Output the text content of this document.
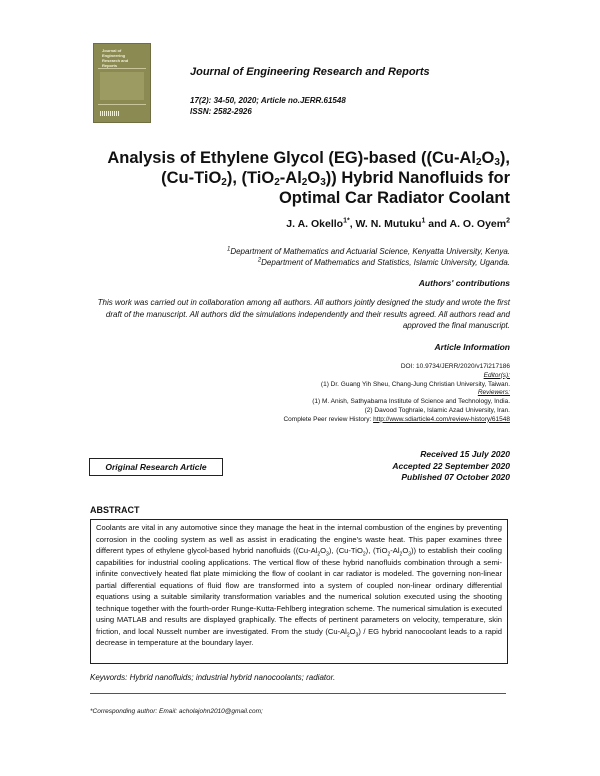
Journal of Engineering Research and Reports
Journal of Engineering Research and Reports
17(2): 34-50, 2020; Article no.JERR.61548
ISSN: 2582-2926
Analysis of Ethylene Glycol (EG)-based ($(Cu-Al_2O_3)$,
(Cu-TiO$_2$), $(TiO_2-Al_2O_3)$) Hybrid Nanofluids for
Optimal Car Radiator Coolant
J. A. Okello$^{1*}$, W. N. Mutuku$^1$ and A. O. Oyem$^2$
$^1$Department of Mathematics and Actuarial Science, Kenyatta University, Kenya.
$^2$Department of Mathematics and Statistics, Islamic University, Uganda.
Authors' contributions
This work was carried out in collaboration among all authors. All authors jointly designed the study and wrote the first draft of the manuscript. All authors did the simulations independently and their results agreed. All authors read and approved the final manuscript.
Article Information
DOI: 10.9734/JERR/2020/v17i217186
Editor(s):
(1) Dr. Guang Yih Sheu, Chang-Jung Christian University, Taiwan.
Reviewers:
(1) M. Anish, Sathyabama Institute of Science and Technology, India.
(2) Davood Toghraie, Islamic Azad University, Iran.
Complete Peer review History: http://www.sdiarticle4.com/review-history/61548
Received 15 July 2020
Accepted 22 September 2020
Published 07 October 2020
Original Research Article
ABSTRACT
Coolants are vital in any automotive since they manage the heat in the internal combustion of the engines by preventing corrosion in the cooling system as well as assist in eradicating the engine's waste heat. This paper examines three different types of ethylene glycol-based hybrid nanofluids ($(Cu-Al_2O_3)$, (Cu-TiO$_2$), $(TiO_2-Al_2O_3)$) to establish their cooling capabilities for industrial cooling applications. The vertical flow of these hybrid nanofluids combination through a semi-infinite convectively heated flat plate mimicking the flow of coolant in car radiator is modeled. The governing non-linear partial differential equations of fluid flow are transformed into a system of coupled non-linear ordinary differential equations using a suitable similarity transformation variables and the numerical solution executed using the shooting technique together with the fourth-order Runge-Kutta-Fehlberg integration scheme. The numerical simulation is executed using MATLAB and results are displayed graphically. The effects of pertinent parameters on velocity, temperature, skin friction, and local Nusselt number are investigated. From the study $(Cu-Al_2O_3)$ / EG hybrid nanocoolant leads to a rapid decrease in temperature at the boundary layer.
Keywords: Hybrid nanofluids; industrial hybrid nanocoolants; radiator.
*Corresponding author: Email: acholajohn2010@gmail.com;
